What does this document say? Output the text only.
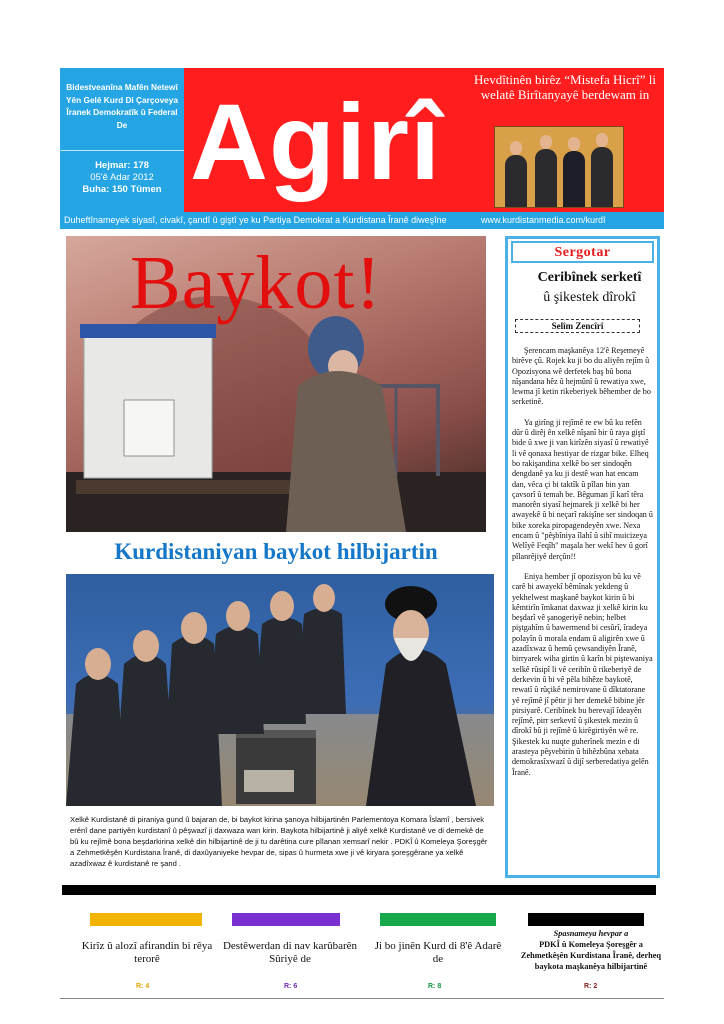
Bidestveanîna Mafên Netewî Yên Gelê Kurd Di Çarçoveya Îranek Demokratîk û Federal De
Hejmar: 178
05'ê Adar 2012
Buha: 150 Tûmen Agirî
Hevdîtinên birêz “Mistefa Hicrî” li welatê Birîtanyayê berdewam in
Duheftînameyek siyasî, civakî, çandî û giştî ye ku Partiya Demokrat a Kurdistana Îranê diweşîne	www.kurdistanmedia.com/kurdî
Baykot!
Kurdistaniyan baykot hilbijartin
Xelkê Kurdistanê di piraniya gund û bajaran de, bi baykot kirina şanoya hilbijartinên Parlementoya Komara Îslamî , bersivek erênî dane partiyên kurdistanî û pêşwazî ji daxwaza wan kirin. Baykota hilbijartinê ji aliyê xelkê Kurdistanê ve di demekê de bû ku rejîmê bona beşdarkirina xelkê din hilbijartinê de ji tu darêtina cure pîlanan xemsarî nekir . PDKÎ û Komeleya Şoreşgêr a Zehmetkêşên Kurdistana Îranê, di daxûyaniyeke hevpar de, sipas û hurmeta xwe ji vê kiryara şoreşgêrane ya xelkê azadîxwaz ê kurdistanê re şand .
Sergotar
Ceribînek serketî
û şikestek dîrokî
Selîm Zencîrî

Şerencam maşkanêya 12'ê Reşemeyê birêve çû. Rojek ku ji bo du aliyên rejîm û Opozisyona wê derfetek baş bû bona nîşandana hêz û hejmûnî û rewatiya xwe, lewma jî ketin rikeberiyek bêhember de bo serketinê.

Ya girîng ji rejîmê re ew bû ku refên dûr û dirêj ên xelkê nîşanî bir û raya giştî bide û xwe ji van kirîzên siyasî û rewatiyê li vê qonaxa hestiyar de rizgar bike. Elheq bo rakişandina xelkê bo ser sindoqên dengdanê ya ku ji destê wan hat encam dan, vêca çi bi taktîk û pîlan bin yan çavsorî û temah be. Bêguman jî karî têra manorên siyasî hejmarek ji xelkê bi her awayekê û bi neçarî rakişîne ser sindoqan û bike xoreka piropagendeyên xwe. Nexa encam û "pêşbîniya îlahî û sibî muicizeya Welîyê Feqîh" maşala her wekî hev û gorî pîlanrêjiyê derçûn!!

Eniya hember jî opozisyon bû ku vê carê bi awayekî bêmînak yekdeng û yekhelwest maşkanê baykot kirin û bi kêmtirîn îmkanat daxwaz ji xelkê kirin ku beşdarî vê şanogeriyê nebin; helbet piştgahîm û bawermend bi cesûrî, îradeya polayîn û morala endam û aligirên xwe û azadîxwaz û hemû çewsandiyên Îranê, birryarek wiha girtin û karîn bi piştewaniya xelkê rûsipî li vê ceribîn û rikeberiyê de derkevin û bi vê pêla bihêze baykotê, rewatî û rûçikê nemirovane û dîktatorane yê rejîmê jî pêtir ji her demekê bibine jêr pirsiyarê. Ceribînek bu berevajî îdeayên rejîmê, pirr serkevtî û şikestek mezin û dîrokî bû ji rejîmê û kirêgirtiyên wê re. Şikestek ku nuqte guherînek mezin e di arasteya pêşvebirin û bihêzbûna xebata demokrasîxwazî û dijî serberedatiya gelên Îranê.

Kirîz û alozî afirandin bi rêya terorê
R: 4
Destêwerdan di nav karûbarên Sûriyê de
R: 6
Ji bo jinên Kurd di 8'ê Adarê de
R: 8
Spasnameya hevpar a
PDKÎ û Komeleya Şoreşgêr a Zehmetkêşên Kurdistana Îranê, derheq baykota maşkanêya hilbijartinê
R: 2
